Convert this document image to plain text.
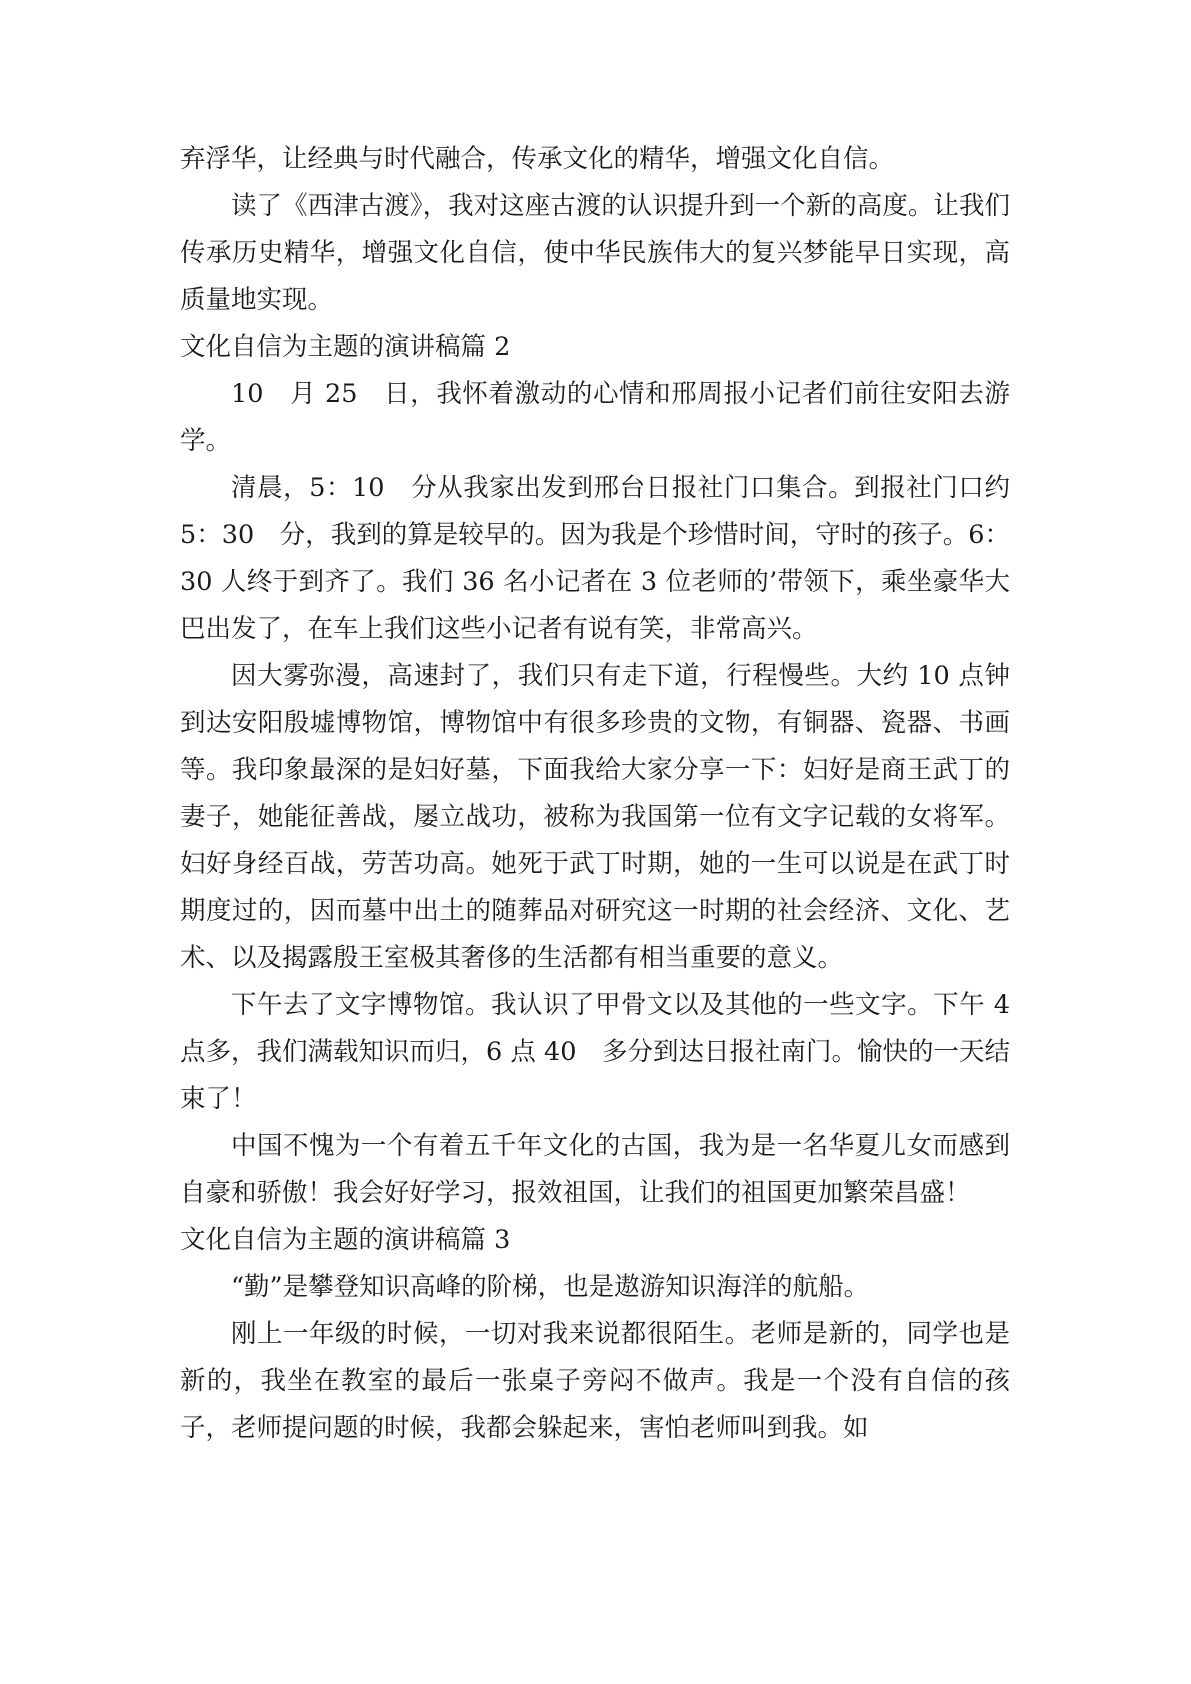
弃浮华，让经典与时代融合，传承文化的精华，增强文化自信。

读了《西津古渡》，我对这座古渡的认识提升到一个新的高度。让我们传承历史精华，增强文化自信，使中华民族伟大的复兴梦能早日实现，高质量地实现。

文化自信为主题的演讲稿篇 2

10　月 25　日，我怀着激动的心情和邢周报小记者们前往安阳去游学。

清晨，5：10　分从我家出发到邢台日报社门口集合。到报社门口约 5：30　分，我到的算是较早的。因为我是个珍惜时间，守时的孩子。6：30 人终于到齐了。我们 36 名小记者在 3 位老师的’带领下，乘坐豪华大巴出发了，在车上我们这些小记者有说有笑，非常高兴。

因大雾弥漫，高速封了，我们只有走下道，行程慢些。大约 10 点钟到达安阳殷墟博物馆，博物馆中有很多珍贵的文物，有铜器、瓷器、书画等。我印象最深的是妇好墓，下面我给大家分享一下：妇好是商王武丁的妻子，她能征善战，屡立战功，被称为我国第一位有文字记载的女将军。妇好身经百战，劳苦功高。她死于武丁时期，她的一生可以说是在武丁时期度过的，因而墓中出土的随葬品对研究这一时期的社会经济、文化、艺术、以及揭露殷王室极其奢侈的生活都有相当重要的意义。

下午去了文字博物馆。我认识了甲骨文以及其他的一些文字。下午 4 点多，我们满载知识而归，6 点 40　多分到达日报社南门。愉快的一天结束了！

中国不愧为一个有着五千年文化的古国，我为是一名华夏儿女而感到自豪和骄傲！我会好好学习，报效祖国，让我们的祖国更加繁荣昌盛！

文化自信为主题的演讲稿篇 3

“勤”是攀登知识高峰的阶梯，也是遨游知识海洋的航船。

刚上一年级的时候，一切对我来说都很陌生。老师是新的，同学也是新的，我坐在教室的最后一张桌子旁闷不做声。我是一个没有自信的孩子，老师提问题的时候，我都会躲起来，害怕老师叫到我。如
